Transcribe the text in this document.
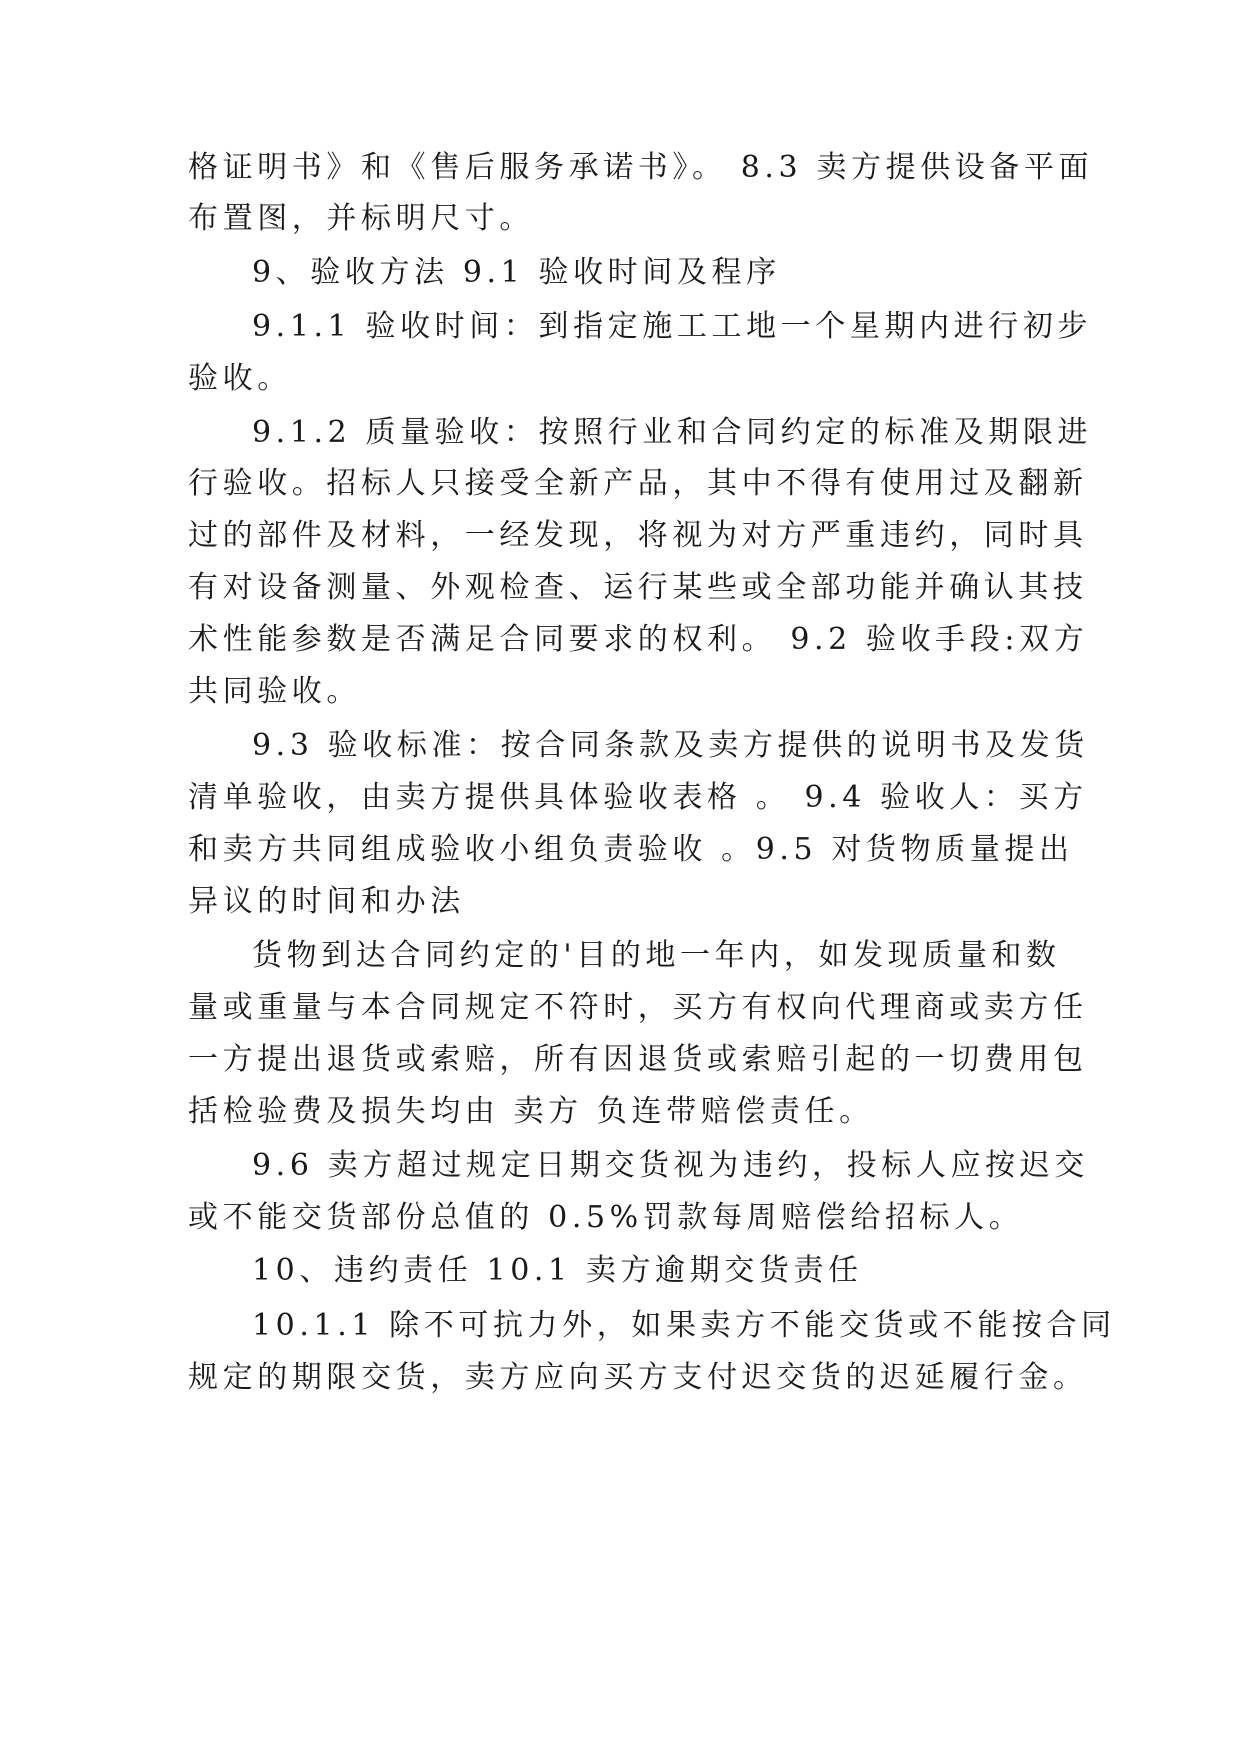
格证明书》和《售后服务承诺书》。 8.3 卖方提供设备平面
布置图，并标明尺寸。
9、验收方法 9.1 验收时间及程序
9.1.1 验收时间：到指定施工工地一个星期内进行初步
验收。
9.1.2 质量验收：按照行业和合同约定的标准及期限进
行验收。招标人只接受全新产品，其中不得有使用过及翻新
过的部件及材料，一经发现，将视为对方严重违约，同时具
有对设备测量、外观检查、运行某些或全部功能并确认其技
术性能参数是否满足合同要求的权利。 9.2 验收手段:双方
共同验收。
9.3 验收标准：按合同条款及卖方提供的说明书及发货
清单验收，由卖方提供具体验收表格 。 9.4 验收人：买方
和卖方共同组成验收小组负责验收 。9.5 对货物质量提出
异议的时间和办法
货物到达合同约定的'目的地一年内，如发现质量和数
量或重量与本合同规定不符时，买方有权向代理商或卖方任
一方提出退货或索赔，所有因退货或索赔引起的一切费用包
括检验费及损失均由 卖方 负连带赔偿责任。
9.6 卖方超过规定日期交货视为违约，投标人应按迟交
或不能交货部份总值的 0.5%罚款每周赔偿给招标人。
10、违约责任 10.1 卖方逾期交货责任
10.1.1 除不可抗力外，如果卖方不能交货或不能按合同
规定的期限交货，卖方应向买方支付迟交货的迟延履行金。
